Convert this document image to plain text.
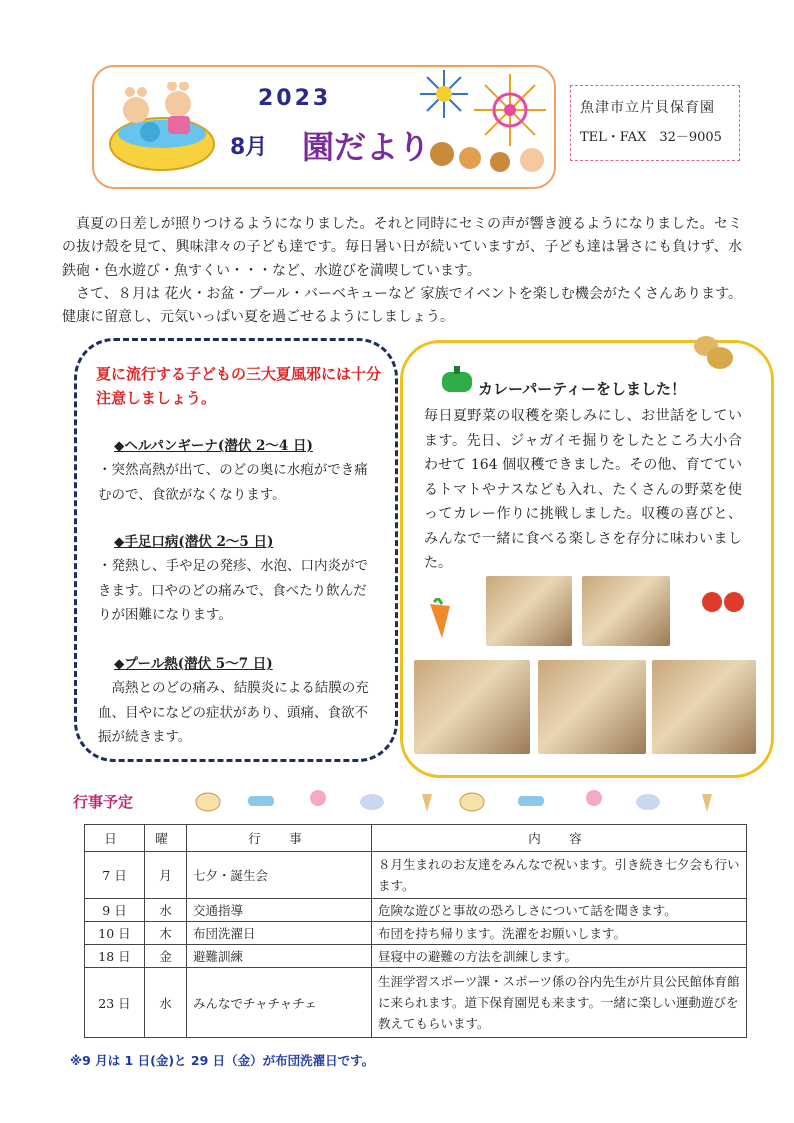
2023
8月 園だより
魚津市立片貝保育園
TEL・FAX　32－9005

真夏の日差しが照りつけるようになりました。それと同時にセミの声が響き渡るようになりました。セミの抜け殻を見て、興味津々の子ども達です。毎日暑い日が続いていますが、子ども達は暑さにも負けず、水鉄砲・色水遊び・魚すくい・・・など、水遊びを満喫しています。

さて、８月は 花火・お盆・プール・バーベキューなど 家族でイベントを楽しむ機会がたくさんあります。健康に留意し、元気いっぱい夏を過ごせるようにしましょう。

夏に流行する子どもの三大夏風邪には十分注意しましょう。
◆ヘルパンギーナ(潜伏 2～4 日)
・突然高熱が出て、のどの奥に水疱ができ痛むので、食欲がなくなります。
◆手足口病(潜伏 2～5 日)
・発熱し、手や足の発疹、水泡、口内炎ができます。口やのどの痛みで、食べたり飲んだりが困難になります。
◆プール熱(潜伏 5～7 日)
高熱とのどの痛み、結膜炎による結膜の充血、目やになどの症状があり、頭痛、食欲不振が続きます。
カレーパーティーをしました！
毎日夏野菜の収穫を楽しみにし、お世話をしています。先日、ジャガイモ掘りをしたところ大小合わせて 164 個収穫できました。その他、育てているトマトやナスなども入れ、たくさんの野菜を使ってカレー作りに挑戦しました。収穫の喜びと、みんなで一緒に食べる楽しさを存分に味わいました。
行事予定
日	曜	行　事	内　容
7 日	月	七夕・誕生会	８月生まれのお友達をみんなで祝います。引き続き七夕会も行います。
9 日	水	交通指導	危険な遊びと事故の恐ろしさについて話を聞きます。
10 日	木	布団洗濯日	布団を持ち帰ります。洗濯をお願いします。
18 日	金	避難訓練	昼寝中の避難の方法を訓練します。
23 日	水	みんなでチャチャチェ	生涯学習スポーツ課・スポーツ係の谷内先生が片貝公民館体育館に来られます。道下保育園児も来ます。一緒に楽しい運動遊びを教えてもらいます。
※9 月は 1 日(金)と 29 日（金）が布団洗濯日です。
